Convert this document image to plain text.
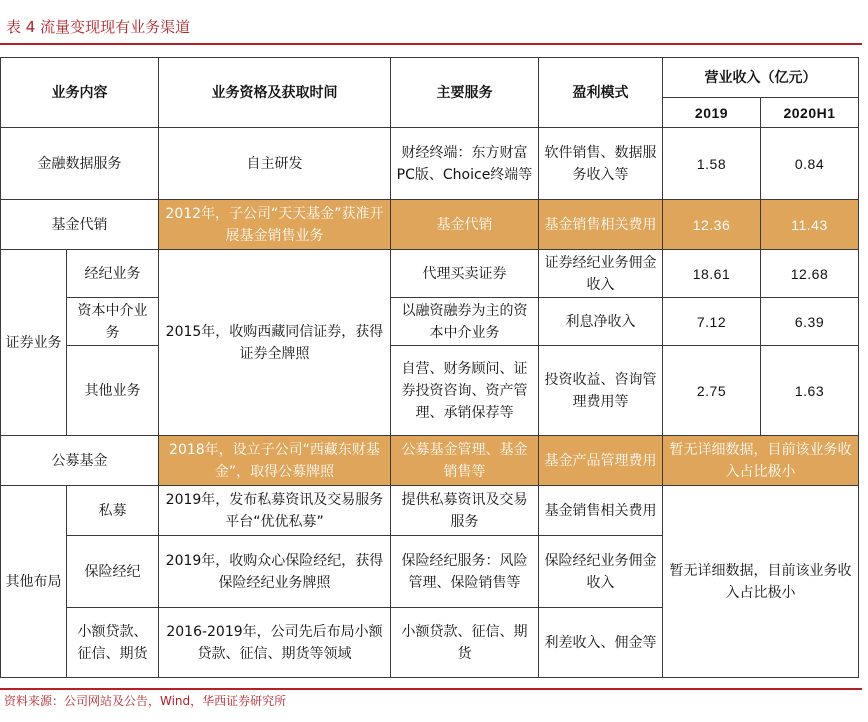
表 4 流量变现现有业务渠道
业务内容		业务资格及获取时间	主要服务	盈利模式	营业收入（亿元）	
					2019	2020H1
金融数据服务		自主研发	财经终端：东方财富PC版、Choice终端等	软件销售、数据服务收入等	1.58	0.84
基金代销		2012年，子公司“天天基金”获准开展基金销售业务	基金代销	基金销售相关费用	12.36	11.43
证券业务	经纪业务	2015年，收购西藏同信证券，获得证券全牌照	代理买卖证券	证券经纪业务佣金收入	18.61	12.68
	资本中介业务		以融资融券为主的资本中介业务	利息净收入	7.12	6.39
	其他业务		自营、财务顾问、证券投资咨询、资产管理、承销保荐等	投资收益、咨询管理费用等	2.75	1.63
公募基金		2018年，设立子公司“西藏东财基金”，取得公募牌照	公募基金管理、基金销售等	基金产品管理费用	暂无详细数据，目前该业务收入占比极小	
其他布局	私募	2019年，发布私募资讯及交易服务平台“优优私募”	提供私募资讯及交易服务	基金销售相关费用	暂无详细数据，目前该业务收入占比极小	
	保险经纪	2019年，收购众心保险经纪，获得保险经纪业务牌照	保险经纪服务：风险管理、保险销售等	保险经纪业务佣金收入		
	小额贷款、征信、期货	2016-2019年，公司先后布局小额贷款、征信、期货等领域	小额贷款、征信、期货	利差收入、佣金等		
资料来源：公司网站及公告，Wind，华西证券研究所
